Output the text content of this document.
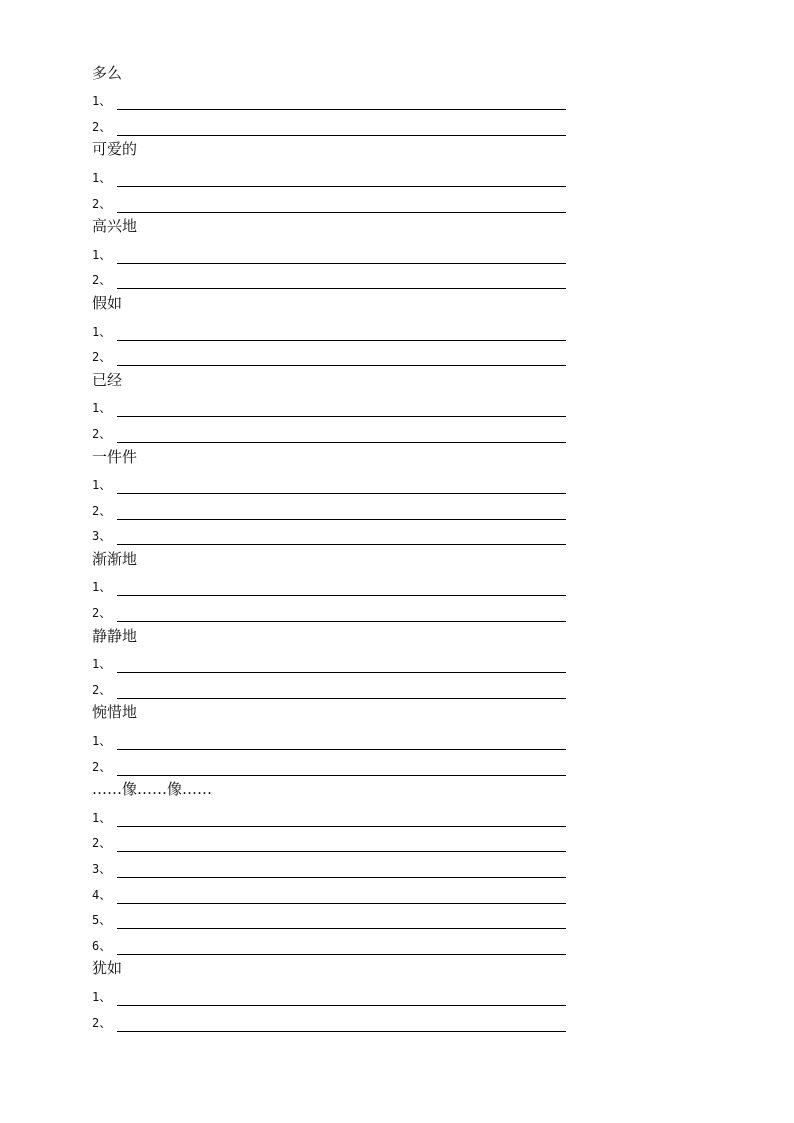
多么
1、
2、
可爱的
1、
2、
高兴地
1、
2、
假如
1、
2、
已经
1、
2、
一件件
1、
2、
3、
渐渐地
1、
2、
静静地
1、
2、
惋惜地
1、
2、
……像……像……
1、
2、
3、
4、
5、
6、
犹如
1、
2、
